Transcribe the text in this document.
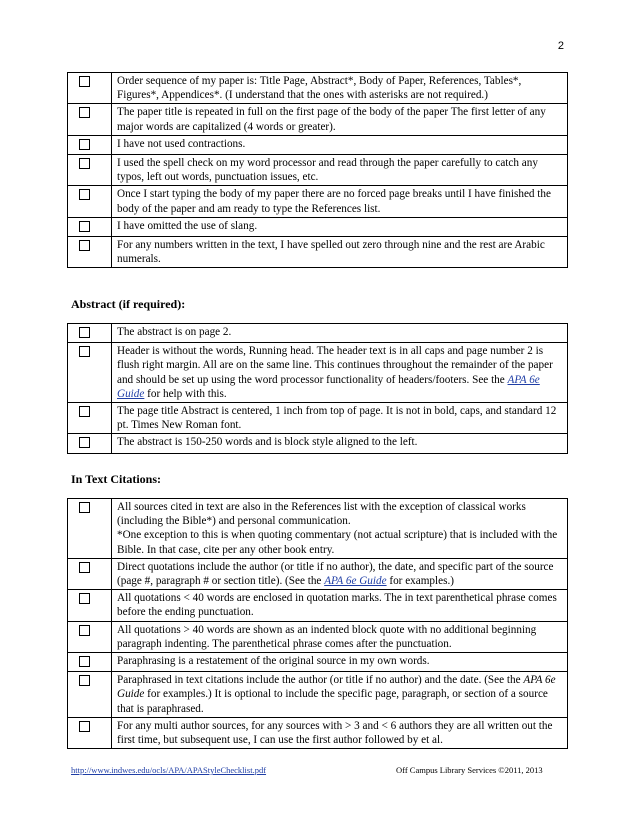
2
	Order sequence of my paper is: Title Page, Abstract*, Body of Paper, References, Tables*, Figures*, Appendices*. (I understand that the ones with asterisks are not required.)
	The paper title is repeated in full on the first page of the body of the paper The first letter of any major words are capitalized (4 words or greater).
	I have not used contractions.
	I used the spell check on my word processor and read through the paper carefully to catch any typos, left out words, punctuation issues, etc.
	Once I start typing the body of my paper there are no forced page breaks until I have finished the body of the paper and am ready to type the References list.
	I have omitted the use of slang.
	For any numbers written in the text, I have spelled out zero through nine and the rest are Arabic numerals.
Abstract (if required):
	The abstract is on page 2.
	Header is without the words, Running head. The header text is in all caps and page number 2 is flush right margin. All are on the same line. This continues throughout the remainder of the paper and should be set up using the word processor functionality of headers/footers. See the APA 6e Guide for help with this.
	The page title Abstract is centered, 1 inch from top of page. It is not in bold, caps, and standard 12 pt. Times New Roman font.
	The abstract is 150-250 words and is block style aligned to the left.
In Text Citations:

	All sources cited in text are also in the References list with the exception of classical works (including the Bible*) and personal communication.
*One exception to this is when quoting commentary (not actual scripture) that is included with the Bible. In that case, cite per any other book entry.

	Direct quotations include the author (or title if no author), the date, and specific part of the source (page #, paragraph # or section title). (See the APA 6e Guide for examples.)
	All quotations < 40 words are enclosed in quotation marks. The in text parenthetical phrase comes before the ending punctuation.
	All quotations > 40 words are shown as an indented block quote with no additional beginning paragraph indenting. The parenthetical phrase comes after the punctuation.
	Paraphrasing is a restatement of the original source in my own words.
	Paraphrased in text citations include the author (or title if no author) and the date. (See the APA 6e Guide for examples.) It is optional to include the specific page, paragraph, or section of a source that is paraphrased.
	For any multi author sources, for any sources with > 3 and < 6 authors they are all written out the first time, but subsequent use, I can use the first author followed by et al.
http://www.indwes.edu/ocls/APA/APAStyleChecklist.pdf	Off Campus Library Services ©2011, 2013
